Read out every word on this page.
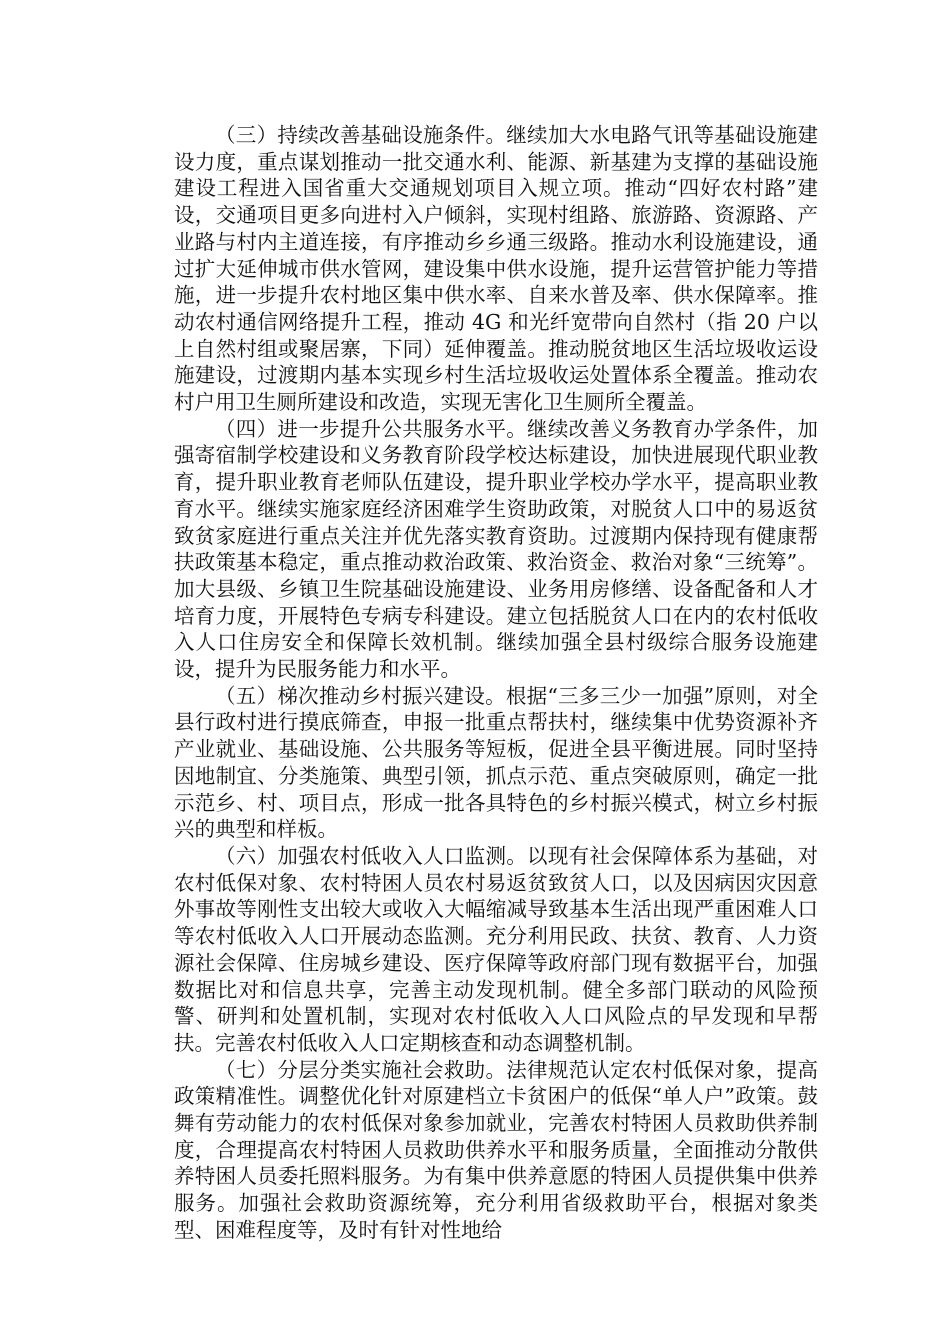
（三）持续改善基础设施条件。继续加大水电路气讯等基础设施建设力度，重点谋划推动一批交通水利、能源、新基建为支撑的基础设施建设工程进入国省重大交通规划项目入规立项。推动“四好农村路”建设，交通项目更多向进村入户倾斜，实现村组路、旅游路、资源路、产业路与村内主道连接，有序推动乡乡通三级路。推动水利设施建设，通过扩大延伸城市供水管网，建设集中供水设施，提升运营管护能力等措施，进一步提升农村地区集中供水率、自来水普及率、供水保障率。推动农村通信网络提升工程，推动 4G 和光纤宽带向自然村（指 20 户以上自然村组或聚居寨，下同）延伸覆盖。推动脱贫地区生活垃圾收运设施建设，过渡期内基本实现乡村生活垃圾收运处置体系全覆盖。推动农村户用卫生厕所建设和改造，实现无害化卫生厕所全覆盖。

（四）进一步提升公共服务水平。继续改善义务教育办学条件，加强寄宿制学校建设和义务教育阶段学校达标建设，加快进展现代职业教育，提升职业教育老师队伍建设，提升职业学校办学水平，提高职业教育水平。继续实施家庭经济困难学生资助政策，对脱贫人口中的易返贫致贫家庭进行重点关注并优先落实教育资助。过渡期内保持现有健康帮扶政策基本稳定，重点推动救治政策、救治资金、救治对象“三统筹”。加大县级、乡镇卫生院基础设施建设、业务用房修缮、设备配备和人才培育力度，开展特色专病专科建设。建立包括脱贫人口在内的农村低收入人口住房安全和保障长效机制。继续加强全县村级综合服务设施建设，提升为民服务能力和水平。

（五）梯次推动乡村振兴建设。根据“三多三少一加强”原则，对全县行政村进行摸底筛查，申报一批重点帮扶村，继续集中优势资源补齐产业就业、基础设施、公共服务等短板，促进全县平衡进展。同时坚持因地制宜、分类施策、典型引领，抓点示范、重点突破原则，确定一批示范乡、村、项目点，形成一批各具特色的乡村振兴模式，树立乡村振兴的典型和样板。

（六）加强农村低收入人口监测。以现有社会保障体系为基础，对农村低保对象、农村特困人员农村易返贫致贫人口，以及因病因灾因意外事故等刚性支出较大或收入大幅缩减导致基本生活出现严重困难人口等农村低收入人口开展动态监测。充分利用民政、扶贫、教育、人力资源社会保障、住房城乡建设、医疗保障等政府部门现有数据平台，加强数据比对和信息共享，完善主动发现机制。健全多部门联动的风险预警、研判和处置机制，实现对农村低收入人口风险点的早发现和早帮扶。完善农村低收入人口定期核查和动态调整机制。

（七）分层分类实施社会救助。法律规范认定农村低保对象，提高政策精准性。调整优化针对原建档立卡贫困户的低保“单人户”政策。鼓舞有劳动能力的农村低保对象参加就业，完善农村特困人员救助供养制度，合理提高农村特困人员救助供养水平和服务质量，全面推动分散供养特困人员委托照料服务。为有集中供养意愿的特困人员提供集中供养服务。加强社会救助资源统筹，充分利用省级救助平台，根据对象类型、困难程度等，及时有针对性地给
